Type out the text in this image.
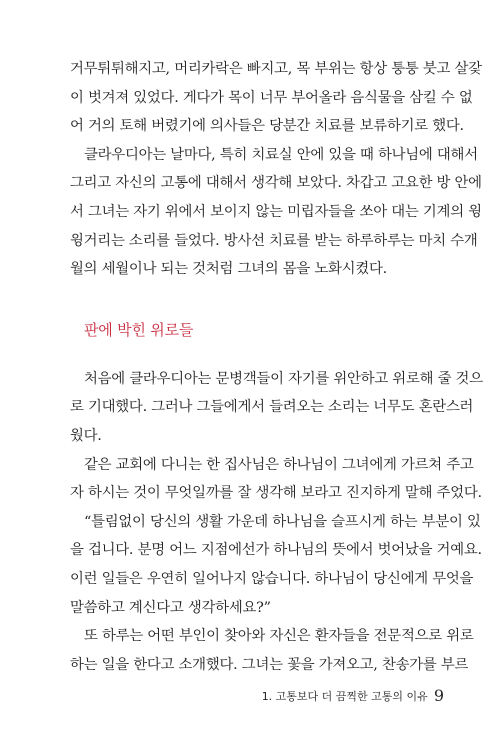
거무튀튀해지고, 머리카락은 빠지고, 목 부위는 항상 퉁퉁 붓고 살갗

이 벗겨져 있었다. 게다가 목이 너무 부어올라 음식물을 삼킬 수 없

어 거의 토해 버렸기에 의사들은 당분간 치료를 보류하기로 했다.

클라우디아는 날마다, 특히 치료실 안에 있을 때 하나님에 대해서

그리고 자신의 고통에 대해서 생각해 보았다. 차갑고 고요한 방 안에

서 그녀는 자기 위에서 보이지 않는 미립자들을 쏘아 대는 기계의 윙

윙거리는 소리를 들었다. 방사선 치료를 받는 하루하루는 마치 수개

월의 세월이나 되는 것처럼 그녀의 몸을 노화시켰다.

판에 박힌 위로들

처음에 클라우디아는 문병객들이 자기를 위안하고 위로해 줄 것으

로 기대했다. 그러나 그들에게서 들려오는 소리는 너무도 혼란스러

웠다.

같은 교회에 다니는 한 집사님은 하나님이 그녀에게 가르쳐 주고

자 하시는 것이 무엇일까를 잘 생각해 보라고 진지하게 말해 주었다.

“틀림없이 당신의 생활 가운데 하나님을 슬프시게 하는 부분이 있

을 겁니다. 분명 어느 지점에선가 하나님의 뜻에서 벗어났을 거예요.

이런 일들은 우연히 일어나지 않습니다. 하나님이 당신에게 무엇을

말씀하고 계신다고 생각하세요?”

또 하루는 어떤 부인이 찾아와 자신은 환자들을 전문적으로 위로

하는 일을 한다고 소개했다. 그녀는 꽃을 가져오고, 찬송가를 부르

1. 고통보다 더 끔찍한 고통의 이유 9
